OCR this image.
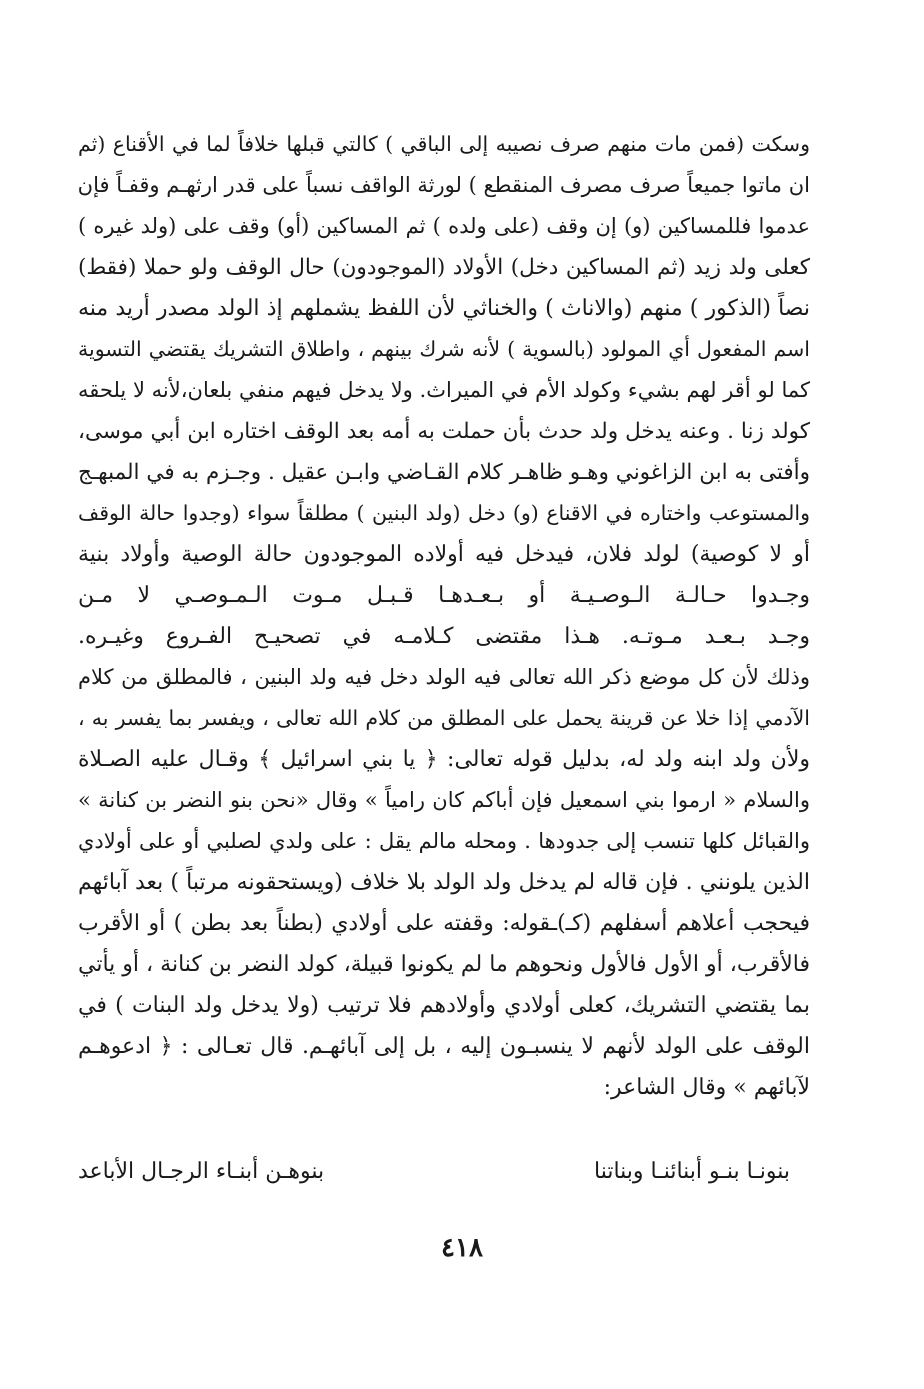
وسكت (فمن مات منهم صرف نصيبه إلى الباقي ) كالتي قبلها خلافاً لما في الأقناع (ثم
ان ماتوا جميعاً صرف مصرف المنقطع ) لورثة الواقف نسباً على قدر ارثهـم وقفـاً فإن
عدموا فللمساكين (و) إن وقف (على ولده ) ثم المساكين (أو) وقف على (ولد غيره )
كعلى ولد زيد (ثم المساكين دخل) الأولاد (الموجودون) حال الوقف ولو حملا (فقط)
نصاً (الذكور ) منهم (والاناث ) والخناثي لأن اللفظ يشملهم إذ الولد مصدر أريد منه
اسم المفعول أي المولود (بالسوية ) لأنه شرك بينهم ، واطلاق التشريك يقتضي التسوية
كما لو أقر لهم بشيء وكولد الأم في الميراث. ولا يدخل فيهم منفي بلعان،لأنه لا يلحقه
كولد زنا . وعنه يدخل ولد حدث بأن حملت به أمه بعد الوقف اختاره ابن أبي موسى،
وأفتى به ابن الزاغوني وهـو ظاهـر كلام القـاضي وابـن عقيل . وجـزم به في المبهـج
والمستوعب واختاره في الاقناع (و) دخل (ولد البنين ) مطلقاً سواء (وجدوا حالة الوقف
أو لا كوصية) لولد فلان، فيدخل فيه أولاده الموجودون حالة الوصية وأولاد بنية
وجـدوا حـالـة الـوصـيـة أو بـعـدهـا قـبـل مـوت الـمـوصـي لا مـن
وجـد بـعـد مـوتـه. هـذا مقتضى كـلامـه في تصحيـح الفـروع وغيـره.
وذلك لأن كل موضع ذكر الله تعالى فيه الولد دخل فيه ولد البنين ، فالمطلق من كلام
الآدمي إذا خلا عن قرينة يحمل على المطلق من كلام الله تعالى ، ويفسر بما يفسر به ،
ولأن ولد ابنه ولد له، بدليل قوله تعالى: ﴿ يا بني اسرائيل ﴾ وقـال عليه الصـلاة
والسلام « ارموا بني اسمعيل فإن أباكم كان رامياً » وقال «نحن بنو النضر بن كنانة »
والقبائل كلها تنسب إلى جدودها . ومحله مالم يقل : على ولدي لصلبي أو على أولادي
الذين يلونني . فإن قاله لم يدخل ولد الولد بلا خلاف (ويستحقونه مرتباً ) بعد آبائهم
فيحجب أعلاهم أسفلهم (كـ)ـقوله: وقفته على أولادي (بطناً بعد بطن ) أو الأقرب
فالأقرب، أو الأول فالأول ونحوهم ما لم يكونوا قبيلة، كولد النضر بن كنانة ، أو يأتي
بما يقتضي التشريك، كعلى أولادي وأولادهم فلا ترتيب (ولا يدخل ولد البنات ) في
الوقف على الولد لأنهم لا ينسبـون إليه ، بل إلى آبائهـم. قال تعـالى : ﴿ ادعوهـم
لآبائهم » وقال الشاعر:
بنونـا بنـو أبنائنـا وبناتنا
بنوهـن أبنـاء الرجـال الأباعد
٤١٨
